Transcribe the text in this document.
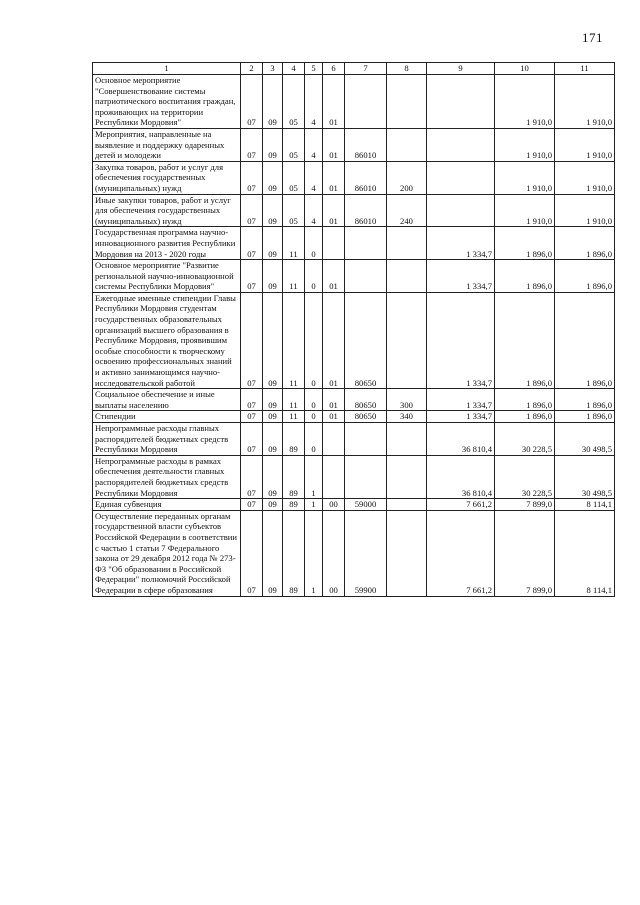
171
1	2	3	4	5	6	7	8	9	10	11

Основное мероприятие "Совершенствование системы патриотического воспитания граждан, проживающих на территории Республики Мордовия"	07	09	05	4	01				1 910,0	1 910,0

Мероприятия, направленные на выявление и поддержку одаренных детей и молодежи	07	09	05	4	01	86010			1 910,0	1 910,0

Закупка товаров, работ и услуг для обеспечения государственных (муниципальных) нужд	07	09	05	4	01	86010	200		1 910,0	1 910,0

Иные закупки товаров, работ и услуг для обеспечения государственных (муниципальных) нужд	07	09	05	4	01	86010	240		1 910,0	1 910,0

Государственная программа научно-инновационного развития Республики Мордовия на 2013 - 2020 годы	07	09	11	0				1 334,7	1 896,0	1 896,0

Основное мероприятие "Развитие региональной научно-инновационной системы Республики Мордовия"	07	09	11	0	01			1 334,7	1 896,0	1 896,0

Ежегодные именные стипендии Главы Республики Мордовия студентам государственных образовательных организаций высшего образования в Республике Мордовия, проявившим особые способности к творческому освоению профессиональных знаний и активно занимающимся научно-исследовательской работой	07	09	11	0	01	80650		1 334,7	1 896,0	1 896,0

Социальное обеспечение и иные выплаты населению	07	09	11	0	01	80650	300	1 334,7	1 896,0	1 896,0

Стипендии	07	09	11	0	01	80650	340	1 334,7	1 896,0	1 896,0

Непрограммные расходы главных распорядителей бюджетных средств Республики Мордовия	07	09	89	0				36 810,4	30 228,5	30 498,5

Непрограммные расходы в рамках обеспечения деятельности главных распорядителей бюджетных средств Республики Мордовия	07	09	89	1				36 810,4	30 228,5	30 498,5

Единая субвенция	07	09	89	1	00	59000		7 661,2	7 899,0	8 114,1

Осуществление переданных органам государственной власти субъектов Российской Федерации в соответствии с частью 1 статьи 7 Федерального закона от 29 декабря 2012 года № 273-ФЗ "Об образовании в Российской Федерации" полномочий Российской Федерации в сфере образования	07	09	89	1	00	59900		7 661,2	7 899,0	8 114,1
